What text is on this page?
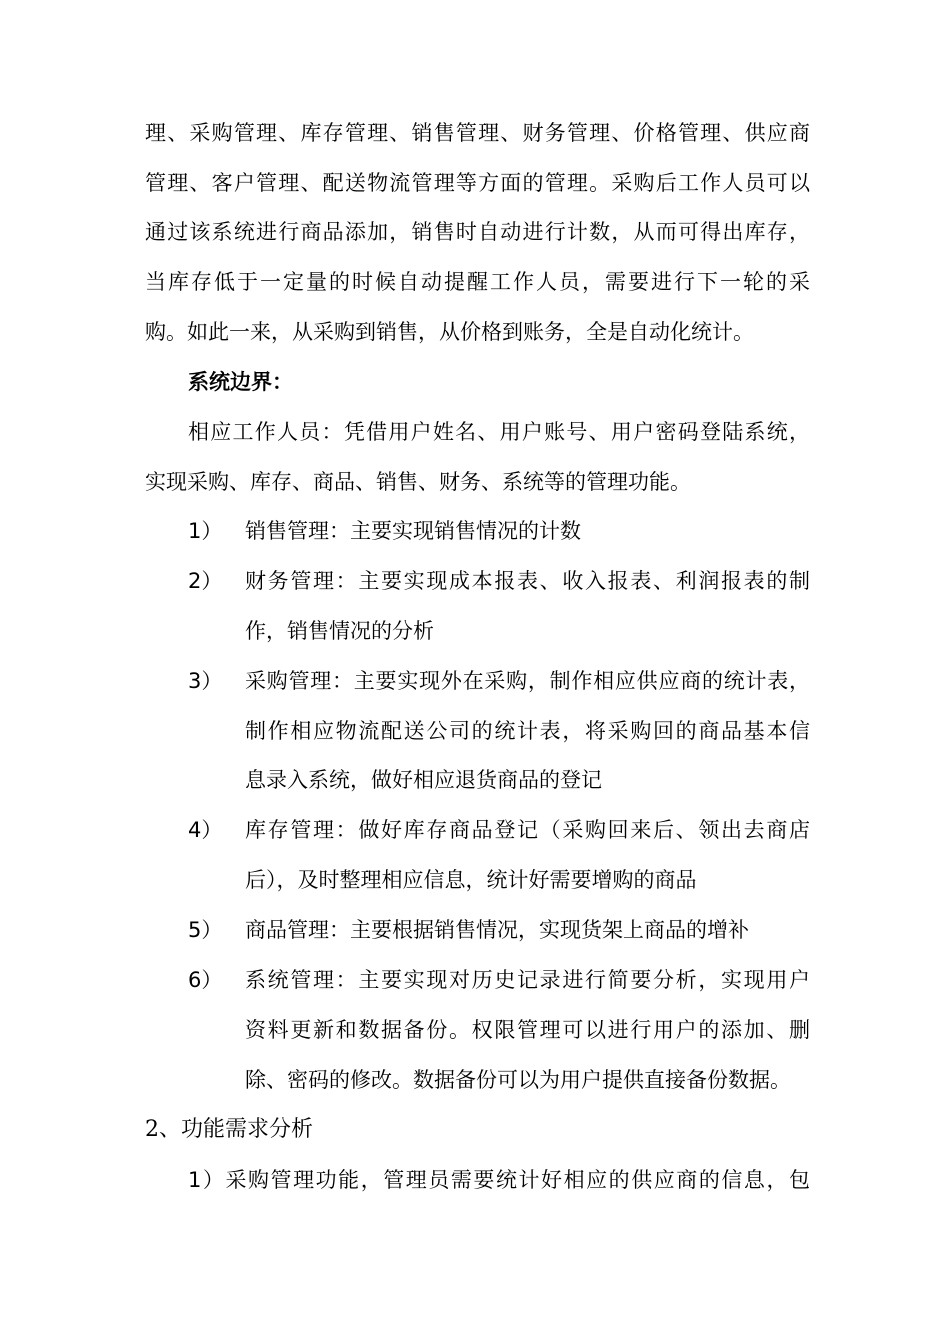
理、采购管理、库存管理、销售管理、财务管理、价格管理、供应商
管理、客户管理、配送物流管理等方面的管理。采购后工作人员可以
通过该系统进行商品添加，销售时自动进行计数，从而可得出库存，
当库存低于一定量的时候自动提醒工作人员，需要进行下一轮的采
购。如此一来，从采购到销售，从价格到账务，全是自动化统计。
系统边界：
相应工作人员：凭借用户姓名、用户账号、用户密码登陆系统，
实现采购、库存、商品、销售、财务、系统等的管理功能。
1）	销售管理：主要实现销售情况的计数
2）	财务管理：主要实现成本报表、收入报表、利润报表的制
作，销售情况的分析
3）	采购管理：主要实现外在采购，制作相应供应商的统计表，
制作相应物流配送公司的统计表，将采购回的商品基本信
息录入系统，做好相应退货商品的登记
4）	库存管理：做好库存商品登记（采购回来后、领出去商店
后），及时整理相应信息，统计好需要增购的商品
5）	商品管理：主要根据销售情况，实现货架上商品的增补
6）	系统管理：主要实现对历史记录进行简要分析，实现用户
资料更新和数据备份。权限管理可以进行用户的添加、删
除、密码的修改。数据备份可以为用户提供直接备份数据。
2、功能需求分析
1）采购管理功能，管理员需要统计好相应的供应商的信息，包
